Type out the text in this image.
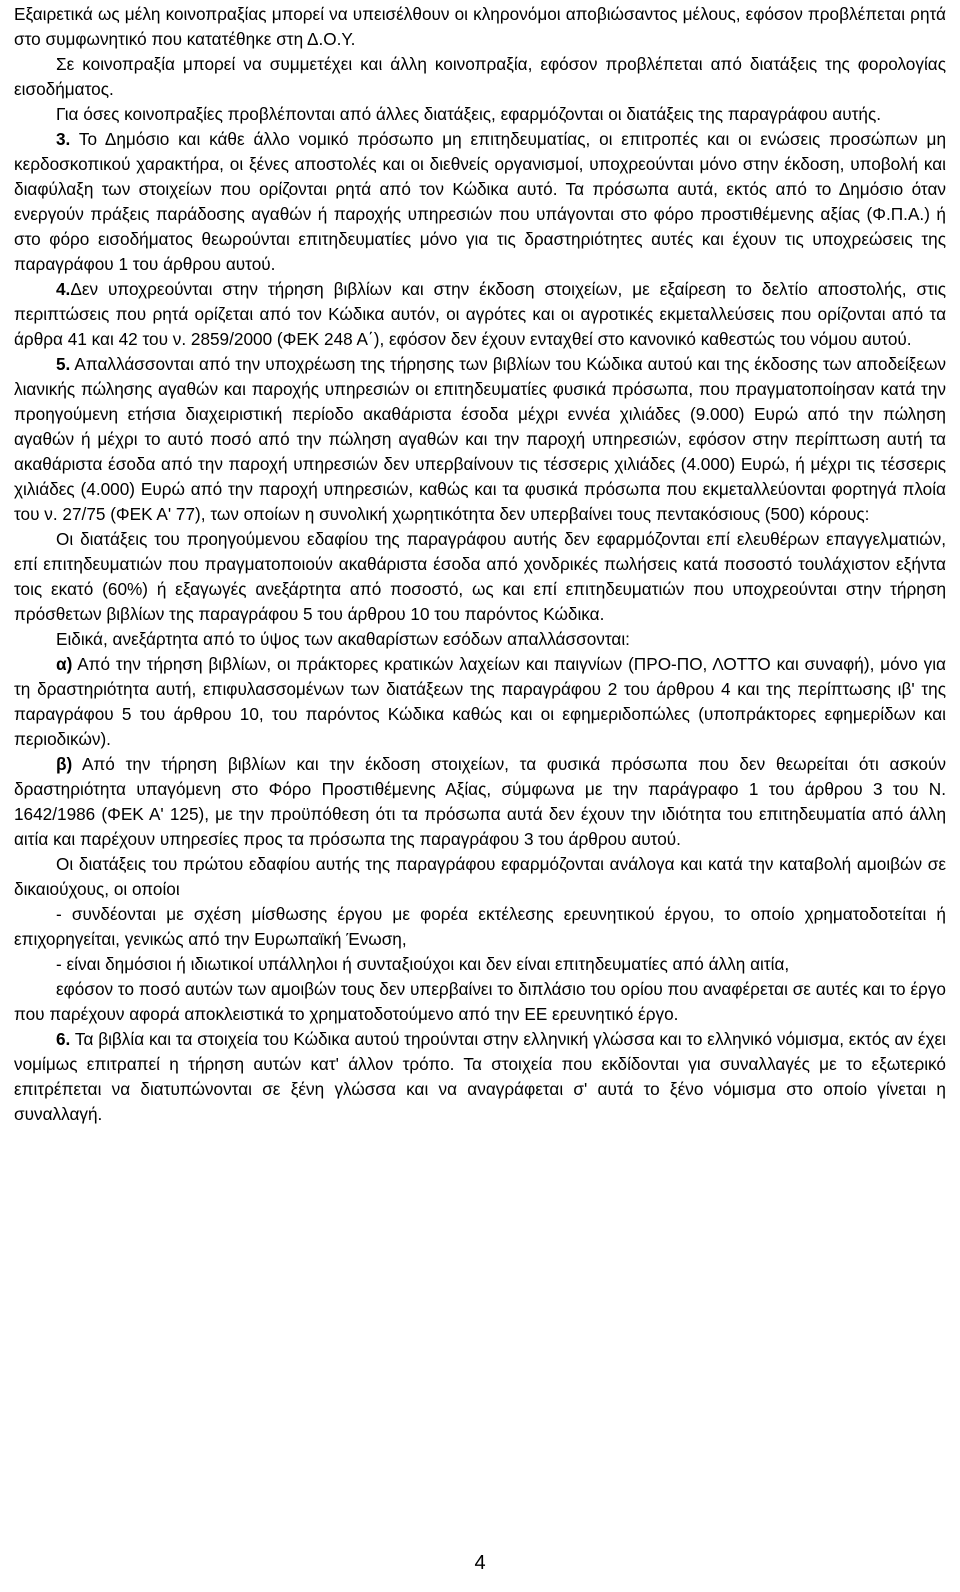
Εξαιρετικά ως μέλη κοινοπραξίας μπορεί να υπεισέλθουν οι κληρονόμοι αποβιώσαντος μέλους, εφόσον προβλέπεται ρητά στο συμφωνητικό που κατατέθηκε στη Δ.Ο.Υ.

Σε κοινοπραξία μπορεί να συμμετέχει και άλλη κοινοπραξία, εφόσον προβλέπεται από διατάξεις της φορολογίας εισοδήματος.

Για όσες κοινοπραξίες προβλέπονται από άλλες διατάξεις, εφαρμόζονται οι διατάξεις της παραγράφου αυτής.

3. Το Δημόσιο και κάθε άλλο νομικό πρόσωπο μη επιτηδευματίας, οι επιτροπές και οι ενώσεις προσώπων μη κερδοσκοπικού χαρακτήρα, οι ξένες αποστολές και οι διεθνείς οργανισμοί, υποχρεούνται μόνο στην έκδοση, υποβολή και διαφύλαξη των στοιχείων που ορίζονται ρητά από τον Κώδικα αυτό. Τα πρόσωπα αυτά, εκτός από το Δημόσιο όταν ενεργούν πράξεις παράδοσης αγαθών ή παροχής υπηρεσιών που υπάγονται στο φόρο προστιθέμενης αξίας (Φ.Π.Α.) ή στο φόρο εισοδήματος θεωρούνται επιτηδευματίες μόνο για τις δραστηριότητες αυτές και έχουν τις υποχρεώσεις της παραγράφου 1 του άρθρου αυτού.

4.Δεν υποχρεούνται στην τήρηση βιβλίων και στην έκδοση στοιχείων, με εξαίρεση το δελτίο αποστολής, στις περιπτώσεις που ρητά ορίζεται από τον Κώδικα αυτόν, οι αγρότες και οι αγροτικές εκμεταλλεύσεις που ορίζονται από τα άρθρα 41 και 42 του ν. 2859/2000 (ΦΕΚ 248 Α΄), εφόσον δεν έχουν ενταχθεί στο κανονικό καθεστώς του νόμου αυτού.

5. Απαλλάσσονται από την υποχρέωση της τήρησης των βιβλίων του Κώδικα αυτού και της έκδοσης των αποδείξεων λιανικής πώλησης αγαθών και παροχής υπηρεσιών οι επιτηδευματίες φυσικά πρόσωπα, που πραγματοποίησαν κατά την προηγούμενη ετήσια διαχειριστική περίοδο ακαθάριστα έσοδα μέχρι εννέα χιλιάδες (9.000) Ευρώ από την πώληση αγαθών ή μέχρι το αυτό ποσό από την πώληση αγαθών και την παροχή υπηρεσιών, εφόσον στην περίπτωση αυτή τα ακαθάριστα έσοδα από την παροχή υπηρεσιών δεν υπερβαίνουν τις τέσσερις χιλιάδες (4.000) Ευρώ, ή μέχρι τις τέσσερις χιλιάδες (4.000) Ευρώ από την παροχή υπηρεσιών, καθώς και τα φυσικά πρόσωπα που εκμεταλλεύονται φορτηγά πλοία του ν. 27/75 (ΦΕΚ Α' 77), των οποίων η συνολική χωρητικότητα δεν υπερβαίνει τους πεντακόσιους (500) κόρους:

Οι διατάξεις του προηγούμενου εδαφίου της παραγράφου αυτής δεν εφαρμόζονται επί ελευθέρων επαγγελματιών, επί επιτηδευματιών που πραγματοποιούν ακαθάριστα έσοδα από χονδρικές πωλήσεις κατά ποσοστό τουλάχιστον εξήντα τοις εκατό (60%) ή εξαγωγές ανεξάρτητα από ποσοστό, ως και επί επιτηδευματιών που υποχρεούνται στην τήρηση πρόσθετων βιβλίων της παραγράφου 5 του άρθρου 10 του παρόντος Κώδικα.

Ειδικά, ανεξάρτητα από το ύψος των ακαθαρίστων εσόδων απαλλάσσονται:

α) Από την τήρηση βιβλίων, οι πράκτορες κρατικών λαχείων και παιγνίων (ΠΡΟ-ΠΟ, ΛΟΤΤΟ και συναφή), μόνο για τη δραστηριότητα αυτή, επιφυλασσομένων των διατάξεων της παραγράφου 2 του άρθρου 4 και της περίπτωσης ιβ' της παραγράφου 5 του άρθρου 10, του παρόντος Κώδικα καθώς και οι εφημεριδοπώλες (υποπράκτορες εφημερίδων και περιοδικών).

β) Από την τήρηση βιβλίων και την έκδοση στοιχείων, τα φυσικά πρόσωπα που δεν θεωρείται ότι ασκούν δραστηριότητα υπαγόμενη στο Φόρο Προστιθέμενης Αξίας, σύμφωνα με την παράγραφο 1 του άρθρου 3 του Ν. 1642/1986 (ΦΕΚ Α' 125), με την προϋπόθεση ότι τα πρόσωπα αυτά δεν έχουν την ιδιότητα του επιτηδευματία από άλλη αιτία και παρέχουν υπηρεσίες προς τα πρόσωπα της παραγράφου 3 του άρθρου αυτού.

Οι διατάξεις του πρώτου εδαφίου αυτής της παραγράφου εφαρμόζονται ανάλογα και κατά την καταβολή αμοιβών σε δικαιούχους, οι οποίοι

- συνδέονται με σχέση μίσθωσης έργου με φορέα εκτέλεσης ερευνητικού έργου, το οποίο χρηματοδοτείται ή επιχορηγείται, γενικώς από την Ευρωπαϊκή Ένωση,

- είναι δημόσιοι ή ιδιωτικοί υπάλληλοι ή συνταξιούχοι και δεν είναι επιτηδευματίες από άλλη αιτία,

εφόσον το ποσό αυτών των αμοιβών τους δεν υπερβαίνει το διπλάσιο του ορίου που αναφέρεται σε αυτές και το έργο που παρέχουν αφορά αποκλειστικά το χρηματοδοτούμενο από την ΕΕ ερευνητικό έργο.

6. Τα βιβλία και τα στοιχεία του Κώδικα αυτού τηρούνται στην ελληνική γλώσσα και το ελληνικό νόμισμα, εκτός αν έχει νομίμως επιτραπεί η τήρηση αυτών κατ' άλλον τρόπο. Τα στοιχεία που εκδίδονται για συναλλαγές με το εξωτερικό επιτρέπεται να διατυπώνονται σε ξένη γλώσσα και να αναγράφεται σ' αυτά το ξένο νόμισμα στο οποίο γίνεται η συναλλαγή.

4
